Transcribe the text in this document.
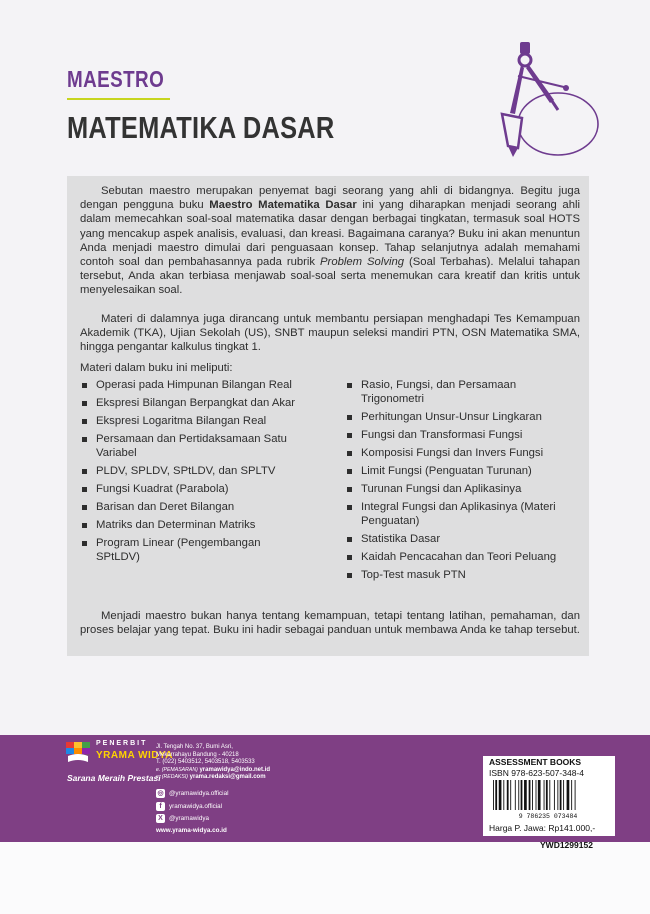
MAESTRO
MATEMATIKA DASAR
Sebutan maestro merupakan penyemat bagi seorang yang ahli di bidangnya. Begitu juga dengan pengguna buku Maestro Matematika Dasar ini yang diharapkan menjadi seorang ahli dalam memecahkan soal-soal matematika dasar dengan berbagai tingkatan, termasuk soal HOTS yang mencakup aspek analisis, evaluasi, dan kreasi. Bagaimana caranya? Buku ini akan menuntun Anda menjadi maestro dimulai dari penguasaan konsep. Tahap selanjutnya adalah memahami contoh soal dan pembahasannya pada rubrik Problem Solving (Soal Terbahas). Melalui tahapan tersebut, Anda akan terbiasa menjawab soal-soal serta menemukan cara kreatif dan kritis untuk menyelesaikan soal.
Materi di dalamnya juga dirancang untuk membantu persiapan menghadapi Tes Kemampuan Akademik (TKA), Ujian Sekolah (US), SNBT maupun seleksi mandiri PTN, OSN Matematika SMA, hingga pengantar kalkulus tingkat 1.
Materi dalam buku ini meliputi:
Operasi pada Himpunan Bilangan Real
Ekspresi Bilangan Berpangkat dan Akar
Ekspresi Logaritma Bilangan Real
Persamaan dan Pertidaksamaan Satu Variabel
PLDV, SPLDV, SPtLDV, dan SPLTV
Fungsi Kuadrat (Parabola)
Barisan dan Deret Bilangan
Matriks dan Determinan Matriks
Program Linear (Pengembangan SPtLDV)
Rasio, Fungsi, dan Persamaan Trigonometri
Perhitungan Unsur-Unsur Lingkaran
Fungsi dan Transformasi Fungsi
Komposisi Fungsi dan Invers Fungsi
Limit Fungsi (Penguatan Turunan)
Turunan Fungsi dan Aplikasinya
Integral Fungsi dan Aplikasinya (Materi Penguatan)
Statistika Dasar
Kaidah Pencacahan dan Teori Peluang
Top-Test masuk PTN
Menjadi maestro bukan hanya tentang kemampuan, tetapi tentang latihan, pemahaman, dan proses belajar yang tepat. Buku ini hadir sebagai panduan untuk membawa Anda ke tahap tersebut.
PENERBIT
YRAMA WIDYA
Sarana Meraih Prestasi
Jl. Tengah No. 37, Bumi Asri,
Mekarrahayu Bandung - 40218
T. (022) 5403512, 5403518, 5403533
e. (PEMASARAN) yramawidya@indo.net.id
e. (REDAKSI) yrama.redaksi@gmail.com
◎ @yramawidya.official
f yramawidya.official
X @yramawidya
www.yrama-widya.co.id
ASSESSMENT BOOKS
ISBN 978-623-507-348-4
9 786235 073484
Harga P. Jawa: Rp141.000,-
YWD1299152
